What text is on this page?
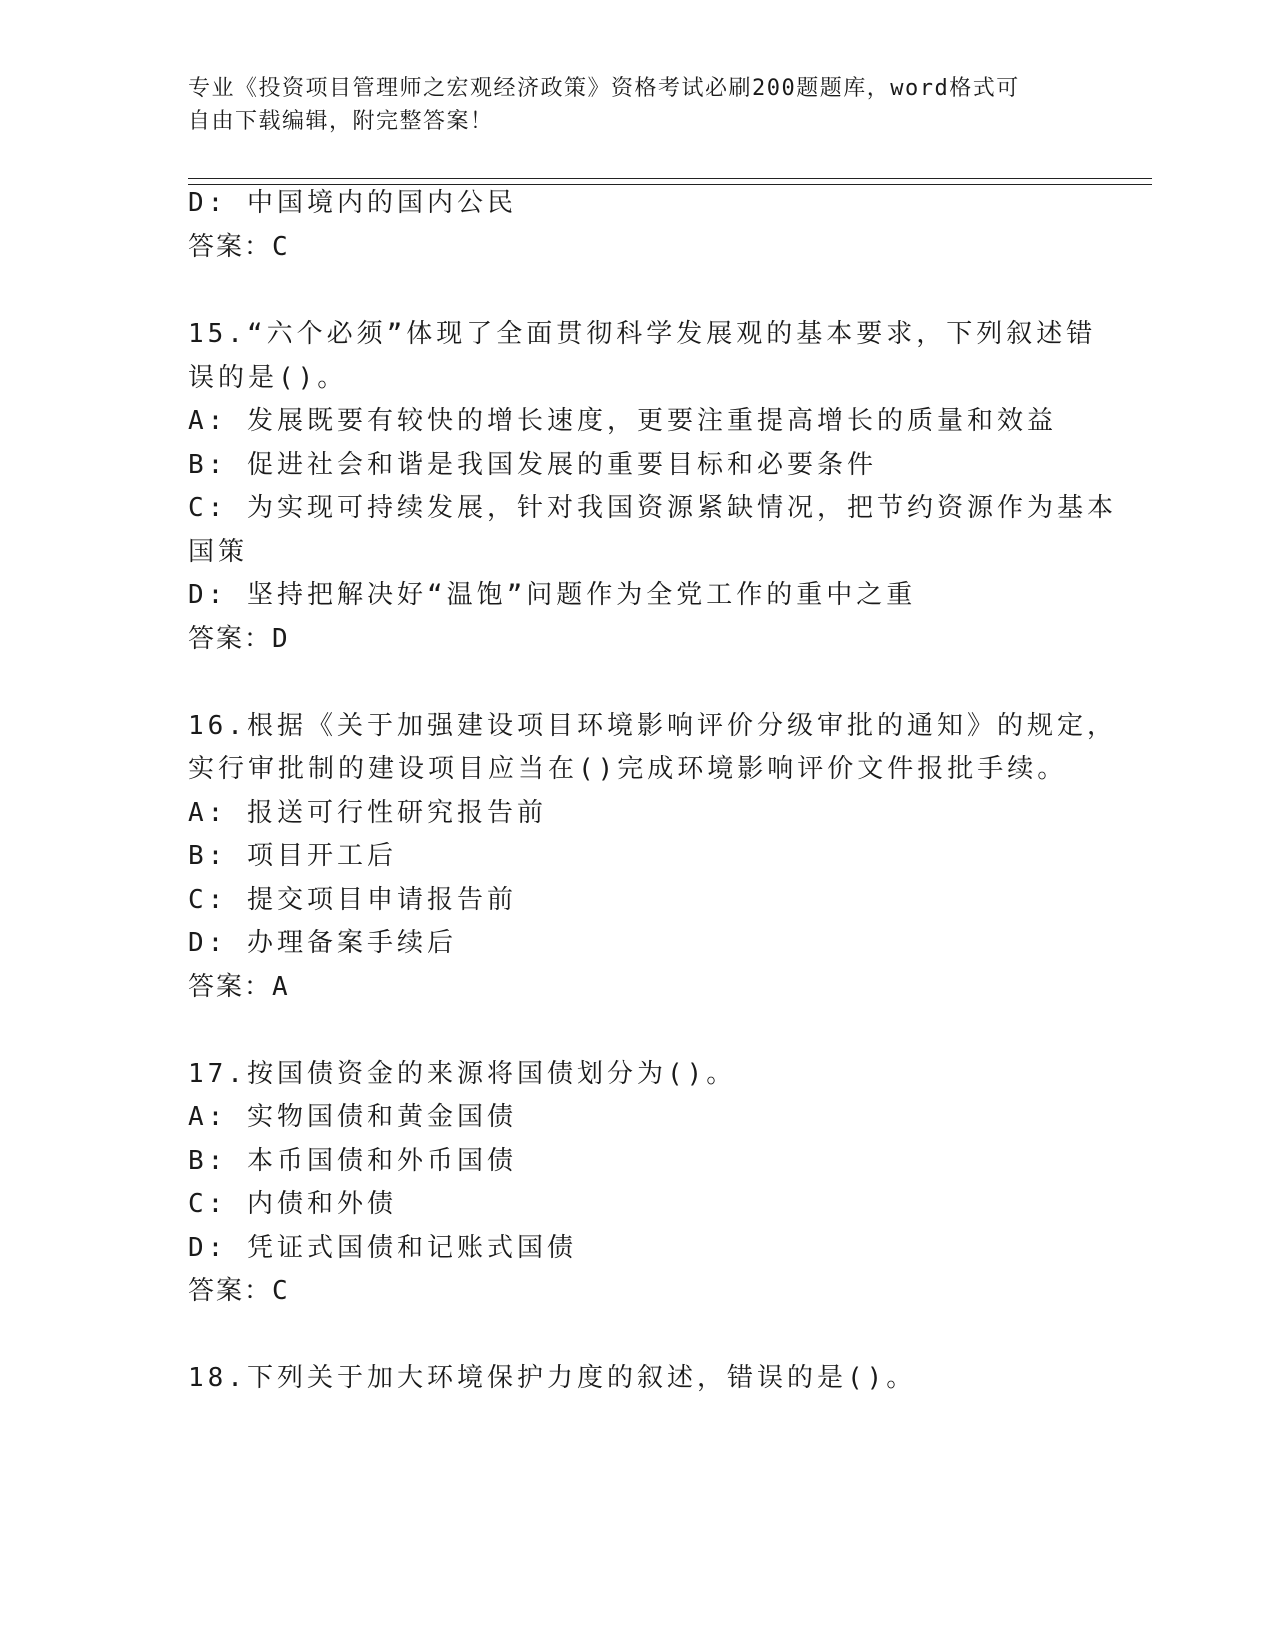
专业《投资项目管理师之宏观经济政策》资格考试必刷200题题库，word格式可
自由下载编辑，附完整答案！
D: 中国境内的国内公民
答案：C
15.“六个必须”体现了全面贯彻科学发展观的基本要求，下列叙述错
误的是()。
A: 发展既要有较快的增长速度，更要注重提高增长的质量和效益
B: 促进社会和谐是我国发展的重要目标和必要条件
C: 为实现可持续发展，针对我国资源紧缺情况，把节约资源作为基本
国策
D: 坚持把解决好“温饱”问题作为全党工作的重中之重
答案：D
16.根据《关于加强建设项目环境影响评价分级审批的通知》的规定，
实行审批制的建设项目应当在()完成环境影响评价文件报批手续。
A: 报送可行性研究报告前
B: 项目开工后
C: 提交项目申请报告前
D: 办理备案手续后
答案：A
17.按国债资金的来源将国债划分为()。
A: 实物国债和黄金国债
B: 本币国债和外币国债
C: 内债和外债
D: 凭证式国债和记账式国债
答案：C
18.下列关于加大环境保护力度的叙述，错误的是()。
